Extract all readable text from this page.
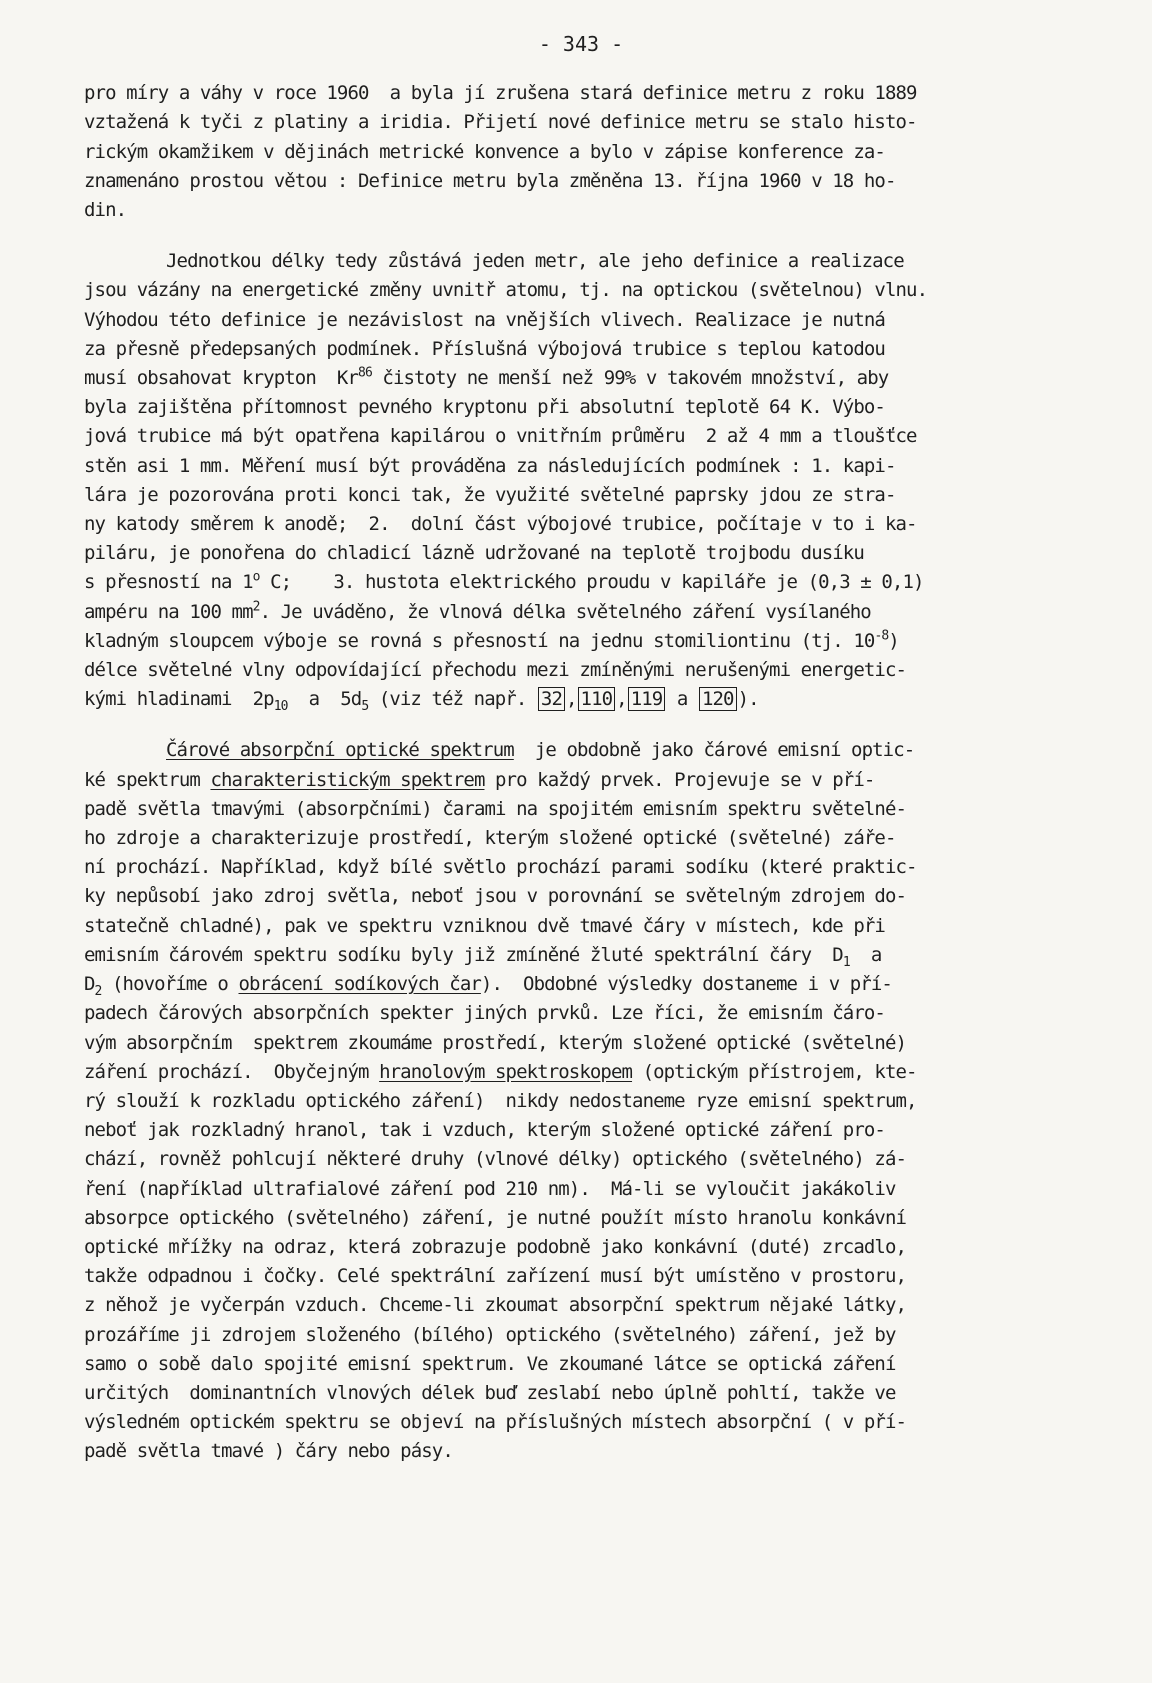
- 343 -

pro míry a váhy v roce 1960  a byla jí zrušena stará definice metru z roku 1889
vztažená k tyči z platiny a iridia. Přijetí nové definice metru se stalo histo-
rickým okamžikem v dějinách metrické konvence a bylo v zápise konference za-
znamenáno prostou větou : Definice metru byla změněna 13. října 1960 v 18 ho-
din.

Jednotkou délky tedy zůstává jeden metr, ale jeho definice a realizace
jsou vázány na energetické změny uvnitř atomu, tj. na optickou (světelnou) vlnu.
Výhodou této definice je nezávislost na vnějších vlivech. Realizace je nutná
za přesně předepsaných podmínek. Příslušná výbojová trubice s teplou katodou
musí obsahovat krypton  Kr$^{86}$ čistoty ne menší než 99% v takovém množství, aby
byla zajištěna přítomnost pevného kryptonu při absolutní teplotě 64 K. Výbo-
jová trubice má být opatřena kapilárou o vnitřním průměru  2 až 4 mm a tloušťce
stěn asi 1 mm. Měření musí být prováděna za následujících podmínek : 1. kapi-
lára je pozorována proti konci tak, že využité světelné paprsky jdou ze stra-
ny katody směrem k anodě;  2.  dolní část výbojové trubice, počítaje v to i ka-
piláru, je ponořena do chladicí lázně udržované na teplotě trojbodu dusíku
s přesností na 1$^o$ C;    3. hustota elektrického proudu v kapiláře je (0,3 ± 0,1)
ampéru na 100 $mm^2$. Je uváděno, že vlnová délka světelného záření vysílaného
kladným sloupcem výboje se rovná s přesností na jednu stomiliontinu (tj. $10^{-8}$)
délce světelné vlny odpovídající přechodu mezi zmíněnými nerušenými energetic-
kými hladinami  $2p_{10}$  a  $5d_5$ (viz též např. 32 , 110 , 119 a 120 ).

Čárové absorpční optické spektrum  je obdobně jako čárové emisní optic-
ké spektrum charakteristickým spektrem pro každý prvek. Projevuje se v pří-
padě světla tmavými (absorpčními) čarami na spojitém emisním spektru světelné-
ho zdroje a charakterizuje prostředí, kterým složené optické (světelné) záře-
ní prochází. Například, když bílé světlo prochází parami sodíku (které praktic-
ky nepůsobí jako zdroj světla, neboť jsou v porovnání se světelným zdrojem do-
statečně chladné), pak ve spektru vzniknou dvě tmavé čáry v místech, kde při
emisním čárovém spektru sodíku byly již zmíněné žluté spektrální čáry  $D_1$  a
$D_2$ (hovoříme o obrácení sodíkových čar).  Obdobné výsledky dostaneme i v pří-
padech čárových absorpčních spekter jiných prvků. Lze říci, že emisním čáro-
vým absorpčním  spektrem zkoumáme prostředí, kterým složené optické (světelné)
záření prochází.  Obyčejným hranolovým spektroskopem (optickým přístrojem, kte-
rý slouží k rozkladu optického záření)  nikdy nedostaneme ryze emisní spektrum,
neboť jak rozkladný hranol, tak i vzduch, kterým složené optické záření pro-
chází, rovněž pohlcují některé druhy (vlnové délky) optického (světelného) zá-
ření (například ultrafialové záření pod 210 nm).  Má-li se vyloučit jakákoliv
absorpce optického (světelného) záření, je nutné použít místo hranolu konkávní
optické mřížky na odraz, která zobrazuje podobně jako konkávní (duté) zrcadlo,
takže odpadnou i čočky. Celé spektrální zařízení musí být umístěno v prostoru,
z něhož je vyčerpán vzduch. Chceme-li zkoumat absorpční spektrum nějaké látky,
prozáříme ji zdrojem složeného (bílého) optického (světelného) záření, jež by
samo o sobě dalo spojité emisní spektrum. Ve zkoumané látce se optická záření
určitých  dominantních vlnových délek buď zeslabí nebo úplně pohltí, takže ve
výsledném optickém spektru se objeví na příslušných místech absorpční ( v pří-
padě světla tmavé ) čáry nebo pásy.
